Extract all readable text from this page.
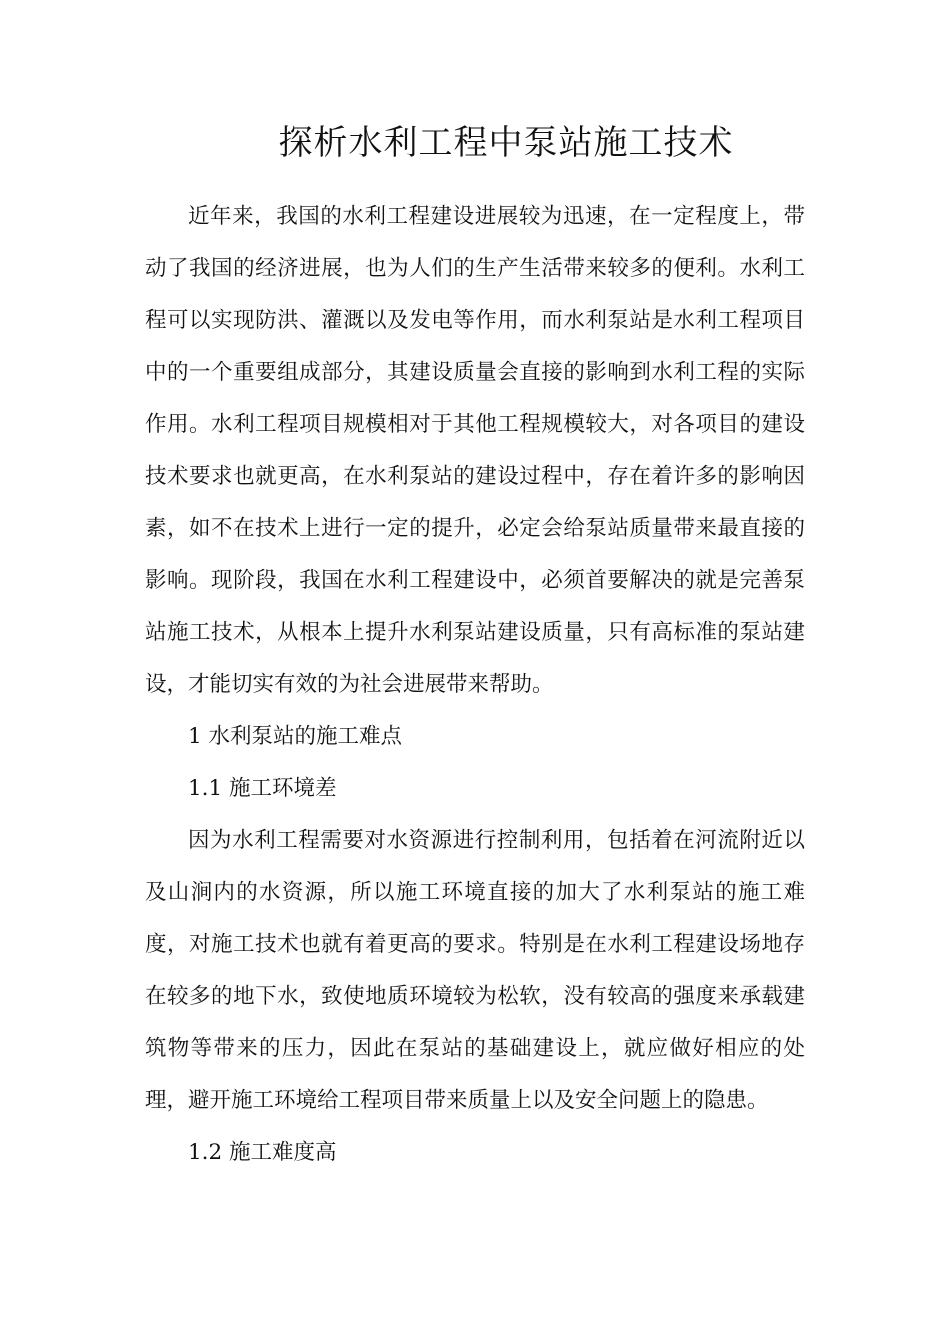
探析水利工程中泵站施工技术

近年来，我国的水利工程建设进展较为迅速，在一定程度上，带动了我国的经济进展，也为人们的生产生活带来较多的便利。水利工程可以实现防洪、灌溉以及发电等作用，而水利泵站是水利工程项目中的一个重要组成部分，其建设质量会直接的影响到水利工程的实际作用。水利工程项目规模相对于其他工程规模较大，对各项目的建设技术要求也就更高，在水利泵站的建设过程中，存在着许多的影响因素，如不在技术上进行一定的提升，必定会给泵站质量带来最直接的影响。现阶段，我国在水利工程建设中，必须首要解决的就是完善泵站施工技术，从根本上提升水利泵站建设质量，只有高标准的泵站建设，才能切实有效的为社会进展带来帮助。

1 水利泵站的施工难点

1.1 施工环境差

因为水利工程需要对水资源进行控制利用，包括着在河流附近以及山涧内的水资源，所以施工环境直接的加大了水利泵站的施工难度，对施工技术也就有着更高的要求。特别是在水利工程建设场地存在较多的地下水，致使地质环境较为松软，没有较高的强度来承载建筑物等带来的压力，因此在泵站的基础建设上，就应做好相应的处理，避开施工环境给工程项目带来质量上以及安全问题上的隐患。

1.2 施工难度高
